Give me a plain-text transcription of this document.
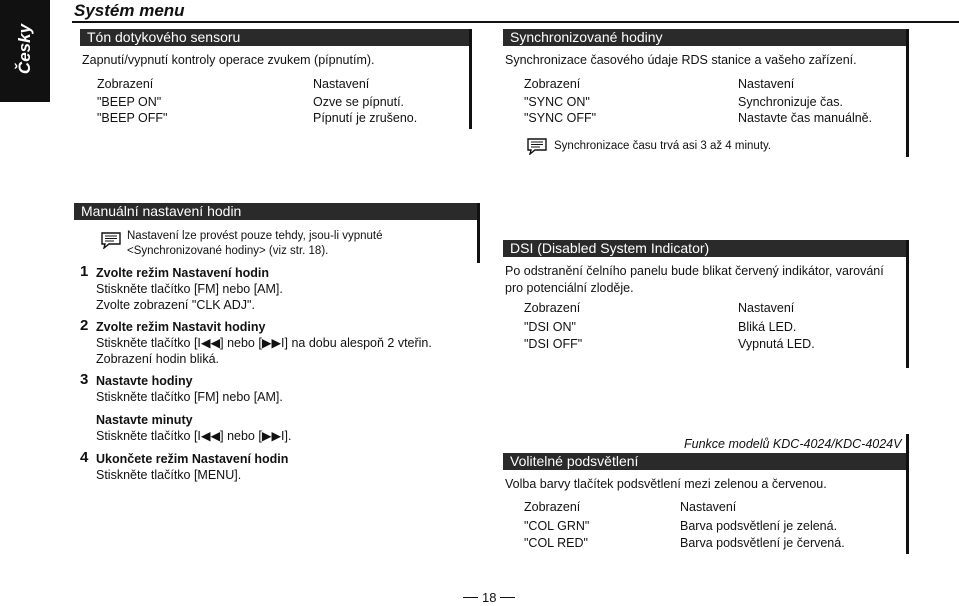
Česky
Systém menu
Tón dotykového sensoru
Zapnutí/vypnutí kontroly operace zvukem (pípnutím).
Zobrazení	Nastavení
"BEEP ON"	Ozve se pípnutí.
"BEEP OFF"	Pípnutí je zrušeno.
Synchronizované hodiny
Synchronizace časového údaje RDS stanice a vašeho zařízení.
Zobrazení	Nastavení
"SYNC ON"	Synchronizuje čas.
"SYNC OFF"	Nastavte čas manuálně.
Synchronizace času trvá asi 3 až 4 minuty.
Manuální nastavení hodin
Nastavení lze provést pouze tehdy, jsou-li vypnuté
<Synchronizované hodiny> (viz str. 18).
1 Zvolte režim Nastavení hodin
Stiskněte tlačítko [FM] nebo [AM].
Zvolte zobrazení "CLK ADJ".
2 Zvolte režim Nastavit hodiny
Stiskněte tlačítko [I◀◀] nebo [▶▶I] na dobu alespoň 2 vteřin.
Zobrazení hodin bliká.
3 Nastavte hodiny
Stiskněte tlačítko [FM] nebo [AM].
Nastavte minuty
Stiskněte tlačítko [I◀◀] nebo [▶▶I].
4 Ukončete režim Nastavení hodin
Stiskněte tlačítko [MENU].
DSI (Disabled System Indicator)
Po odstranění čelního panelu bude blikat červený indikátor, varování
pro potenciální zloděje.
Zobrazení	Nastavení
"DSI ON"	Bliká LED.
"DSI OFF"	Vypnutá LED.
Funkce modelů KDC-4024/KDC-4024V
Volitelné podsvětlení
Volba barvy tlačítek podsvětlení mezi zelenou a červenou.
Zobrazení	Nastavení
"COL GRN"	Barva podsvětlení je zelená.
"COL RED"	Barva podsvětlení je červená.
18
